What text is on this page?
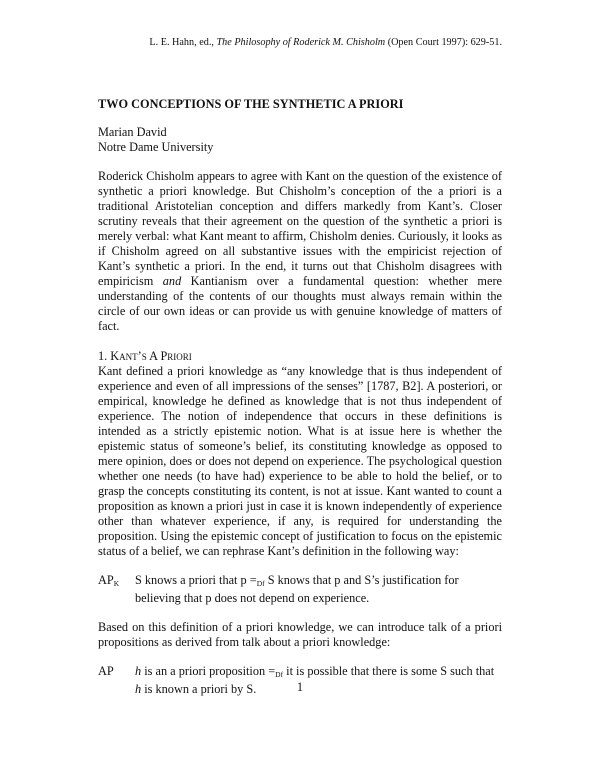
L. E. Hahn, ed., The Philosophy of Roderick M. Chisholm (Open Court 1997): 629-51.
TWO CONCEPTIONS OF THE SYNTHETIC A PRIORI
Marian David
Notre Dame University

Roderick Chisholm appears to agree with Kant on the question of the existence of synthetic a priori knowledge. But Chisholm’s conception of the a priori is a traditional Aristotelian conception and differs markedly from Kant’s. Closer scrutiny reveals that their agreement on the question of the synthetic a priori is merely verbal: what Kant meant to affirm, Chisholm denies. Curiously, it looks as if Chisholm agreed on all substantive issues with the empiricist rejection of Kant’s synthetic a priori. In the end, it turns out that Chisholm disagrees with empiricism and Kantianism over a fundamental question: whether mere understanding of the contents of our thoughts must always remain within the circle of our own ideas or can provide us with genuine knowledge of matters of fact.

1. Kant’s A Priori

Kant defined a priori knowledge as “any knowledge that is thus independent of experience and even of all impressions of the senses” [1787, B2]. A posteriori, or empirical, knowledge he defined as knowledge that is not thus independent of experience. The notion of independence that occurs in these definitions is intended as a strictly epistemic notion. What is at issue here is whether the epistemic status of someone’s belief, its constituting knowledge as opposed to mere opinion, does or does not depend on experience. The psychological question whether one needs (to have had) experience to be able to hold the belief, or to grasp the concepts constituting its content, is not at issue. Kant wanted to count a proposition as known a priori just in case it is known independently of experience other than whatever experience, if any, is required for understanding the proposition. Using the epistemic concept of justification to focus on the epistemic status of a belief, we can rephrase Kant’s definition in the following way:

$AP_K$	S knows a priori that $p =_{Df}$ S knows that p and S’s justification for believing that p does not depend on experience.

Based on this definition of a priori knowledge, we can introduce talk of a priori propositions as derived from talk about a priori knowledge:

AP	h is an a priori proposition $=_{Df}$ it is possible that there is some S such that h is known a priori by S.	1
